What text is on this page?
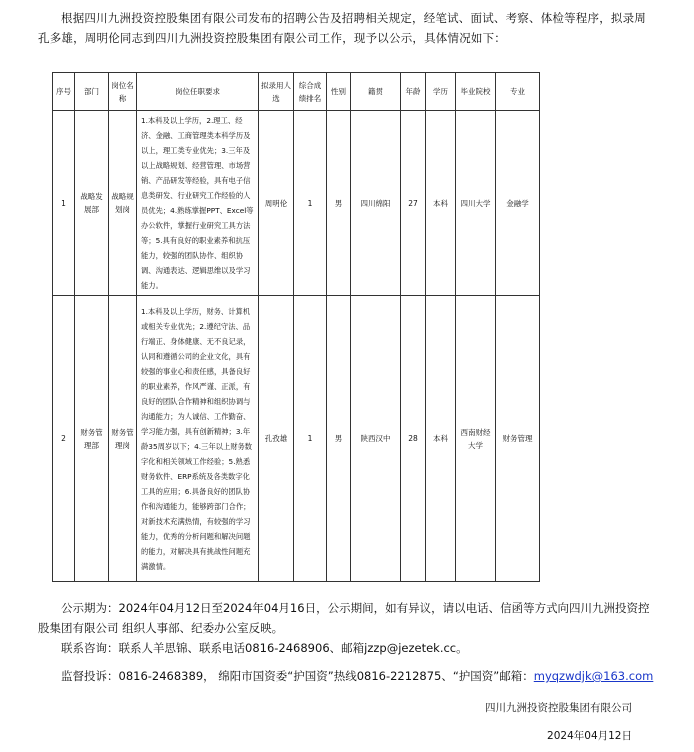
根据四川九洲投资控股集团有限公司发布的招聘公告及招聘相关规定，经笔试、面试、考察、体检等程序，拟录周孔多雄，周明伦同志到四川九洲投资控股集团有限公司工作，现予以公示，具体情况如下：
序号	部门	岗位名称	岗位任职要求	拟录用人选	综合成绩排名	性别	籍贯	年龄	学历	毕业院校	专业
1	战略发展部	战略规划岗	1.本科及以上学历，2.理工、经济、金融、工商管理类本科学历及以上，理工类专业优先；3.三年及以上战略规划、经营管理、市场营销、产品研发等经验，具有电子信息类研发、行业研究工作经验的人员优先；4.熟练掌握PPT、Excel等办公软件，掌握行业研究工具方法等；5.具有良好的职业素养和抗压能力，较强的团队协作、组织协调、沟通表达、逻辑思维以及学习能力。	周明伦	1	男	四川绵阳	27	本科	四川大学	金融学
2	财务管理部	财务管理岗	1.本科及以上学历，财务、计算机或相关专业优先；2.遵纪守法、品行端正、身体健康、无不良记录，认同和遵循公司的企业文化，具有较强的事业心和责任感，具备良好的职业素养，作风严谨、正派，有良好的团队合作精神和组织协调与沟通能力；为人诚信、工作勤奋、学习能力强，具有创新精神；3.年龄35周岁以下；4.三年以上财务数字化和相关领域工作经验；5.熟悉财务软件、ERP系统及各类数字化工具的应用；6.具备良好的团队协作和沟通能力，能够跨部门合作；对新技术充满热情，有较强的学习能力，优秀的分析问题和解决问题的能力，对解决具有挑战性问题充满激情。	孔孜雄	1	男	陕西汉中	28	本科	西南财经大学	财务管理

公示期为：2024年04月12日至2024年04月16日，公示期间，如有异议，请以电话、信函等方式向四川九洲投资控股集团有限公司 组织人事部、纪委办公室反映。

联系咨询：联系人羊思锦、联系电话0816-2468906、邮箱jzzp@jezetek.cc。

监督投诉：0816-2468389， 绵阳市国资委“护国资”热线0816-2212875、“护国资”邮箱：myqzwdjk@163.com

四川九洲投资控股集团有限公司
2024年04月12日
